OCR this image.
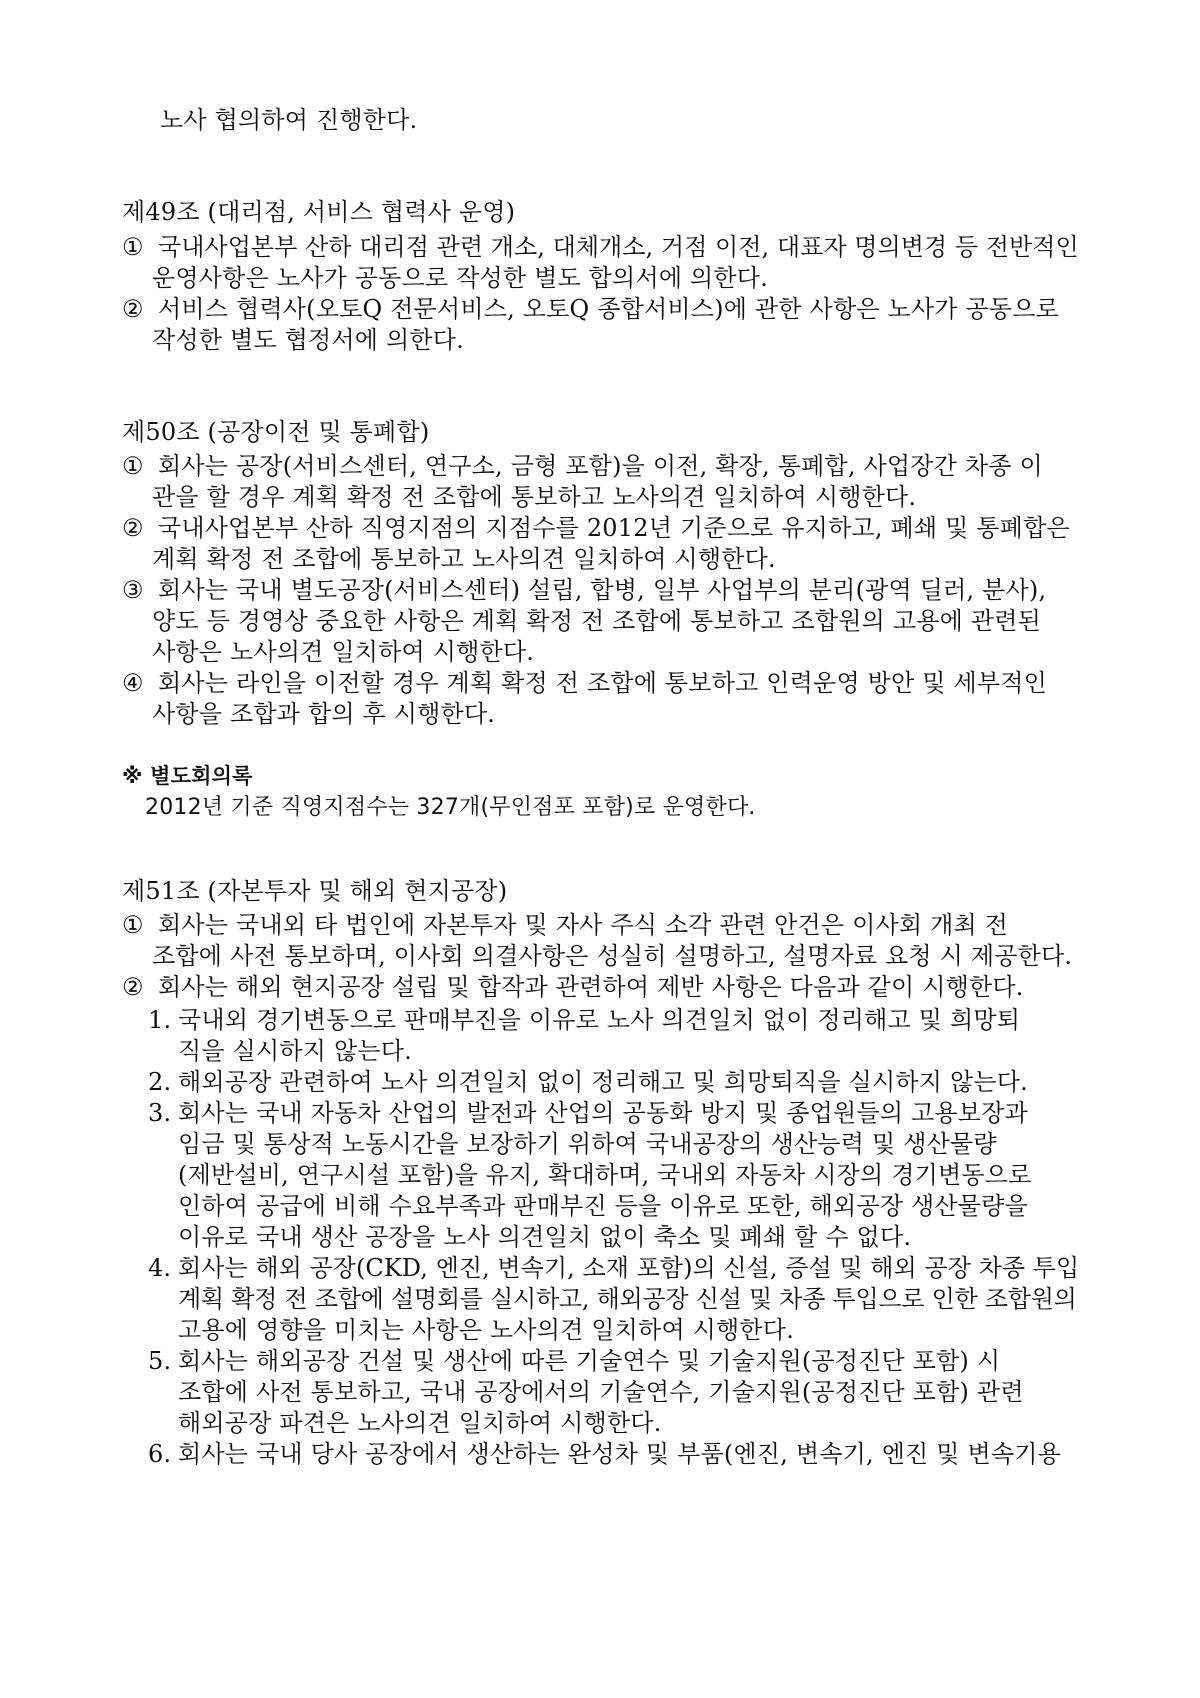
노사 협의하여 진행한다.
제49조 (대리점, 서비스 협력사 운영)
① 국내사업본부 산하 대리점 관련 개소, 대체개소, 거점 이전, 대표자 명의변경 등 전반적인
운영사항은 노사가 공동으로 작성한 별도 합의서에 의한다.
② 서비스 협력사(오토Q 전문서비스, 오토Q 종합서비스)에 관한 사항은 노사가 공동으로
작성한 별도 협정서에 의한다.
제50조 (공장이전 및 통폐합)
① 회사는 공장(서비스센터, 연구소, 금형 포함)을 이전, 확장, 통폐합, 사업장간 차종 이
관을 할 경우 계획 확정 전 조합에 통보하고 노사의견 일치하여 시행한다.
② 국내사업본부 산하 직영지점의 지점수를 2012년 기준으로 유지하고, 폐쇄 및 통폐합은
계획 확정 전 조합에 통보하고 노사의견 일치하여 시행한다.
③ 회사는 국내 별도공장(서비스센터) 설립, 합병, 일부 사업부의 분리(광역 딜러, 분사),
양도 등 경영상 중요한 사항은 계획 확정 전 조합에 통보하고 조합원의 고용에 관련된
사항은 노사의견 일치하여 시행한다.
④ 회사는 라인을 이전할 경우 계획 확정 전 조합에 통보하고 인력운영 방안 및 세부적인
사항을 조합과 합의 후 시행한다.
※ 별도회의록
2012년 기준 직영지점수는 327개(무인점포 포함)로 운영한다.
제51조 (자본투자 및 해외 현지공장)
① 회사는 국내외 타 법인에 자본투자 및 자사 주식 소각 관련 안건은 이사회 개최 전
조합에 사전 통보하며, 이사회 의결사항은 성실히 설명하고, 설명자료 요청 시 제공한다.
② 회사는 해외 현지공장 설립 및 합작과 관련하여 제반 사항은 다음과 같이 시행한다.
1. 국내외 경기변동으로 판매부진을 이유로 노사 의견일치 없이 정리해고 및 희망퇴
직을 실시하지 않는다.
2. 해외공장 관련하여 노사 의견일치 없이 정리해고 및 희망퇴직을 실시하지 않는다.
3. 회사는 국내 자동차 산업의 발전과 산업의 공동화 방지 및 종업원들의 고용보장과
임금 및 통상적 노동시간을 보장하기 위하여 국내공장의 생산능력 및 생산물량
(제반설비, 연구시설 포함)을 유지, 확대하며, 국내외 자동차 시장의 경기변동으로
인하여 공급에 비해 수요부족과 판매부진 등을 이유로 또한, 해외공장 생산물량을
이유로 국내 생산 공장을 노사 의견일치 없이 축소 및 폐쇄 할 수 없다.
4. 회사는 해외 공장(CKD, 엔진, 변속기, 소재 포함)의 신설, 증설 및 해외 공장 차종 투입
계획 확정 전 조합에 설명회를 실시하고, 해외공장 신설 및 차종 투입으로 인한 조합원의
고용에 영향을 미치는 사항은 노사의견 일치하여 시행한다.
5. 회사는 해외공장 건설 및 생산에 따른 기술연수 및 기술지원(공정진단 포함) 시
조합에 사전 통보하고, 국내 공장에서의 기술연수, 기술지원(공정진단 포함) 관련
해외공장 파견은 노사의견 일치하여 시행한다.
6. 회사는 국내 당사 공장에서 생산하는 완성차 및 부품(엔진, 변속기, 엔진 및 변속기용
